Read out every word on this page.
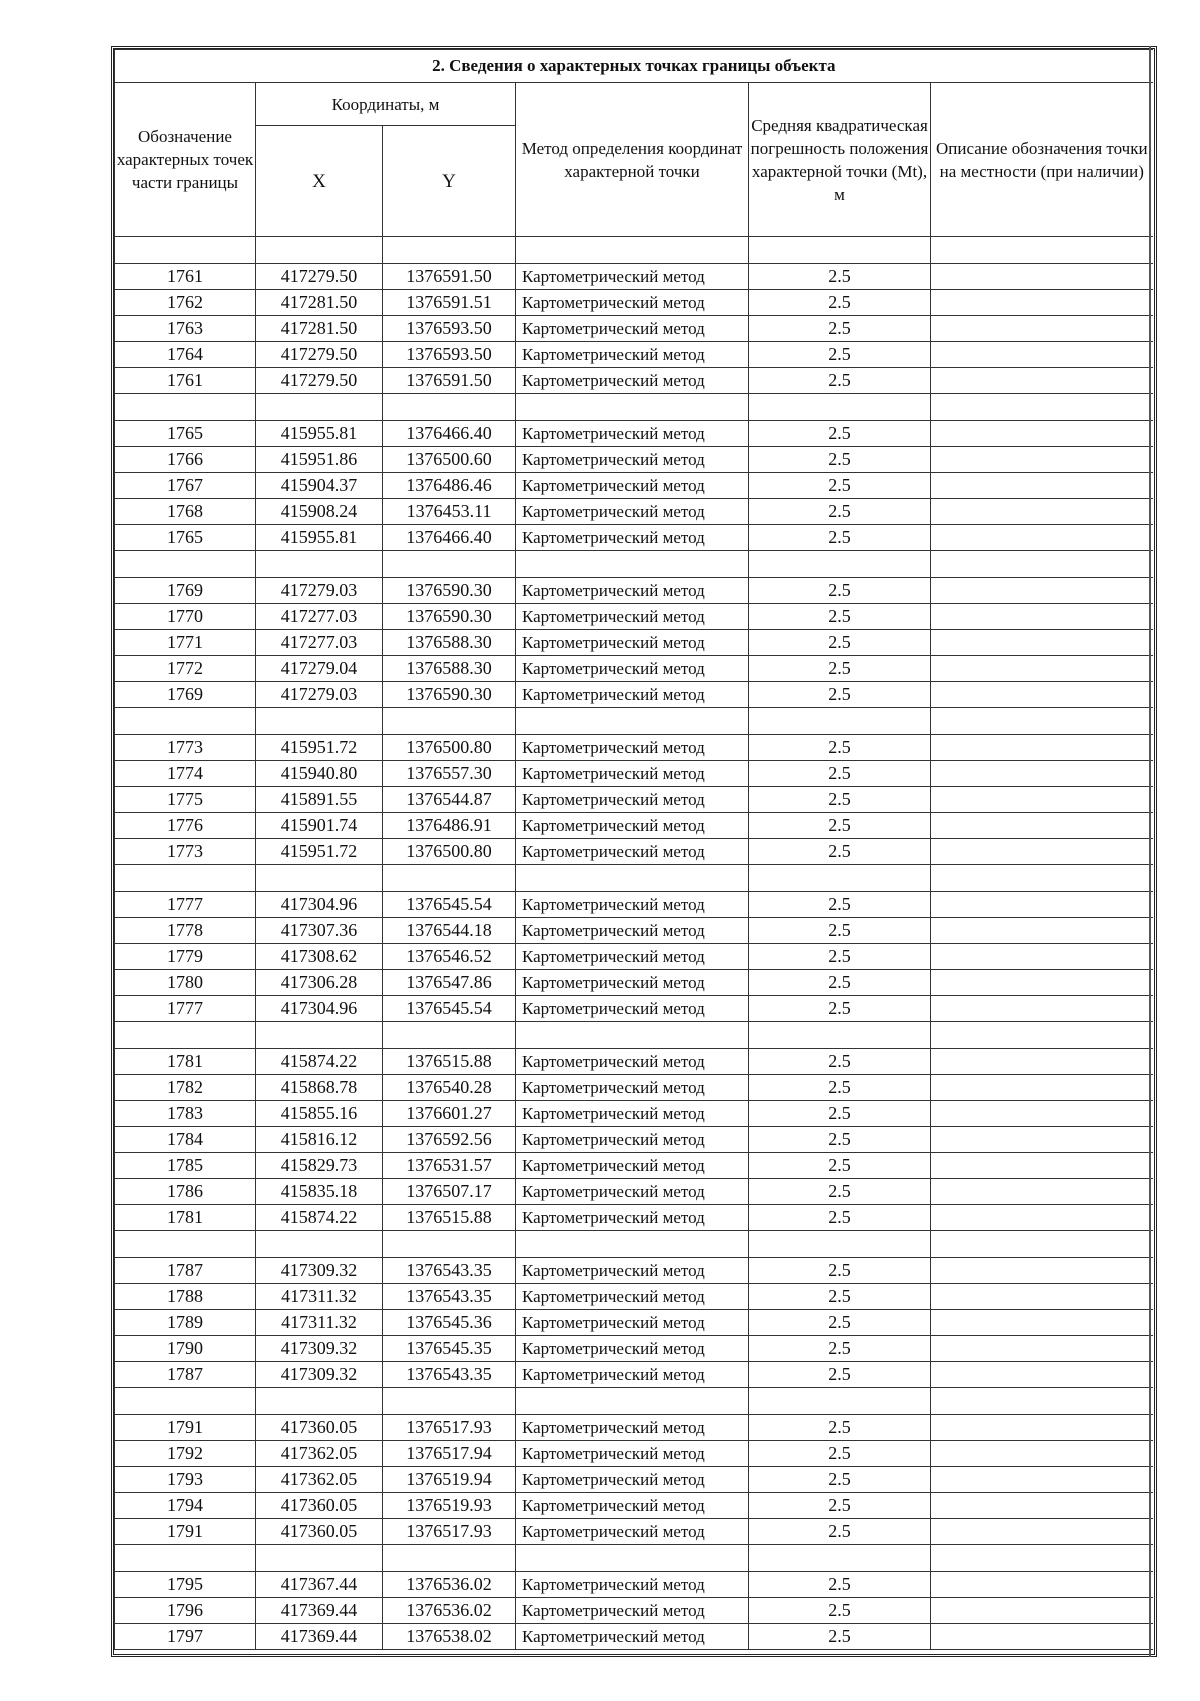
2. Сведения о характерных точках границы объекта					
Обозначение характерных точек части границы	Координаты, м		Метод определения координат характерной точки	Средняя квадратическая погрешность положения характерной точки (Mt), м	Описание обозначения точки на местности (при наличии)
	X	Y			

1761	417279.50	1376591.50	Картометрический метод	2.5	
1762	417281.50	1376591.51	Картометрический метод	2.5	
1763	417281.50	1376593.50	Картометрический метод	2.5	
1764	417279.50	1376593.50	Картометрический метод	2.5	
1761	417279.50	1376591.50	Картометрический метод	2.5	

1765	415955.81	1376466.40	Картометрический метод	2.5	
1766	415951.86	1376500.60	Картометрический метод	2.5	
1767	415904.37	1376486.46	Картометрический метод	2.5	
1768	415908.24	1376453.11	Картометрический метод	2.5	
1765	415955.81	1376466.40	Картометрический метод	2.5	

1769	417279.03	1376590.30	Картометрический метод	2.5	
1770	417277.03	1376590.30	Картометрический метод	2.5	
1771	417277.03	1376588.30	Картометрический метод	2.5	
1772	417279.04	1376588.30	Картометрический метод	2.5	
1769	417279.03	1376590.30	Картометрический метод	2.5	

1773	415951.72	1376500.80	Картометрический метод	2.5	
1774	415940.80	1376557.30	Картометрический метод	2.5	
1775	415891.55	1376544.87	Картометрический метод	2.5	
1776	415901.74	1376486.91	Картометрический метод	2.5	
1773	415951.72	1376500.80	Картометрический метод	2.5	

1777	417304.96	1376545.54	Картометрический метод	2.5	
1778	417307.36	1376544.18	Картометрический метод	2.5	
1779	417308.62	1376546.52	Картометрический метод	2.5	
1780	417306.28	1376547.86	Картометрический метод	2.5	
1777	417304.96	1376545.54	Картометрический метод	2.5	

1781	415874.22	1376515.88	Картометрический метод	2.5	
1782	415868.78	1376540.28	Картометрический метод	2.5	
1783	415855.16	1376601.27	Картометрический метод	2.5	
1784	415816.12	1376592.56	Картометрический метод	2.5	
1785	415829.73	1376531.57	Картометрический метод	2.5	
1786	415835.18	1376507.17	Картометрический метод	2.5	
1781	415874.22	1376515.88	Картометрический метод	2.5	

1787	417309.32	1376543.35	Картометрический метод	2.5	
1788	417311.32	1376543.35	Картометрический метод	2.5	
1789	417311.32	1376545.36	Картометрический метод	2.5	
1790	417309.32	1376545.35	Картометрический метод	2.5	
1787	417309.32	1376543.35	Картометрический метод	2.5	

1791	417360.05	1376517.93	Картометрический метод	2.5	
1792	417362.05	1376517.94	Картометрический метод	2.5	
1793	417362.05	1376519.94	Картометрический метод	2.5	
1794	417360.05	1376519.93	Картометрический метод	2.5	
1791	417360.05	1376517.93	Картометрический метод	2.5	

1795	417367.44	1376536.02	Картометрический метод	2.5	
1796	417369.44	1376536.02	Картометрический метод	2.5	
1797	417369.44	1376538.02	Картометрический метод	2.5	
